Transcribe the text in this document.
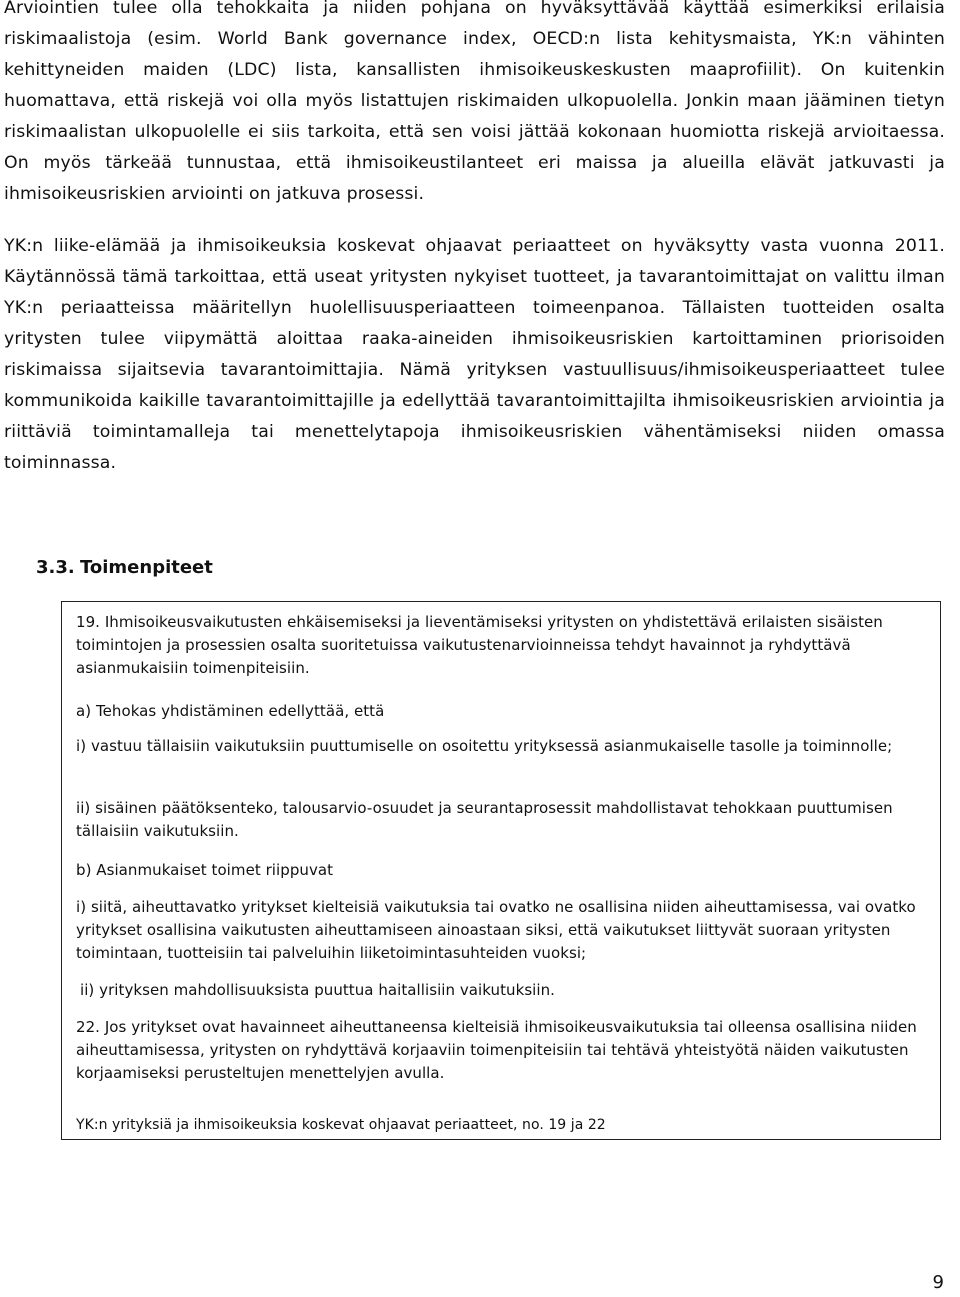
Arviointien tulee olla tehokkaita ja niiden pohjana on hyväksyttävää käyttää esimerkiksi erilaisia riskimaalistoja (esim. World Bank governance index, OECD:n lista kehitysmaista, YK:n vähinten kehittyneiden maiden (LDC) lista, kansallisten ihmisoikeuskeskusten maaprofiilit). On kuitenkin huomattava, että riskejä voi olla myös listattujen riskimaiden ulkopuolella. Jonkin maan jääminen tietyn riskimaalistan ulkopuolelle ei siis tarkoita, että sen voisi jättää kokonaan huomiotta riskejä arvioitaessa. On myös tärkeää tunnustaa, että ihmisoikeustilanteet eri maissa ja alueilla elävät jatkuvasti ja ihmisoikeusriskien arviointi on jatkuva prosessi.

YK:n liike-elämää ja ihmisoikeuksia koskevat ohjaavat periaatteet on hyväksytty vasta vuonna 2011. Käytännössä tämä tarkoittaa, että useat yritysten nykyiset tuotteet, ja tavarantoimittajat on valittu ilman YK:n periaatteissa määritellyn huolellisuusperiaatteen toimeenpanoa. Tällaisten tuotteiden osalta yritysten tulee viipymättä aloittaa raaka-aineiden ihmisoikeusriskien kartoittaminen priorisoiden riskimaissa sijaitsevia tavarantoimittajia. Nämä yrityksen vastuullisuus/ihmisoikeusperiaatteet tulee kommunikoida kaikille tavarantoimittajille ja edellyttää tavarantoimittajilta ihmisoikeusriskien arviointia ja riittäviä toimintamalleja tai menettelytapoja ihmisoikeusriskien vähentämiseksi niiden omassa toiminnassa.

3.3. Toimenpiteet

19. Ihmisoikeusvaikutusten ehkäisemiseksi ja lieventämiseksi yritysten on yhdistettävä erilaisten sisäisten toimintojen ja prosessien osalta suoritetuissa vaikutustenarvioinneissa tehdyt havainnot ja ryhdyttävä asianmukaisiin toimenpiteisiin.

a) Tehokas yhdistäminen edellyttää, että

i) vastuu tällaisiin vaikutuksiin puuttumiselle on osoitettu yrityksessä asianmukaiselle tasolle ja toiminnolle;

ii) sisäinen päätöksenteko, talousarvio-osuudet ja seurantaprosessit mahdollistavat tehokkaan puuttumisen tällaisiin vaikutuksiin.

b) Asianmukaiset toimet riippuvat

i) siitä, aiheuttavatko yritykset kielteisiä vaikutuksia tai ovatko ne osallisina niiden aiheuttamisessa, vai ovatko yritykset osallisina vaikutusten aiheuttamiseen ainoastaan siksi, että vaikutukset liittyvät suoraan yritysten toimintaan, tuotteisiin tai palveluihin liiketoimintasuhteiden vuoksi;

ii) yrityksen mahdollisuuksista puuttua haitallisiin vaikutuksiin.

22. Jos yritykset ovat havainneet aiheuttaneensa kielteisiä ihmisoikeusvaikutuksia tai olleensa osallisina niiden aiheuttamisessa, yritysten on ryhdyttävä korjaaviin toimenpiteisiin tai tehtävä yhteistyötä näiden vaikutusten korjaamiseksi perusteltujen menettelyjen avulla.

YK:n yrityksiä ja ihmisoikeuksia koskevat ohjaavat periaatteet, no. 19 ja 22

9
